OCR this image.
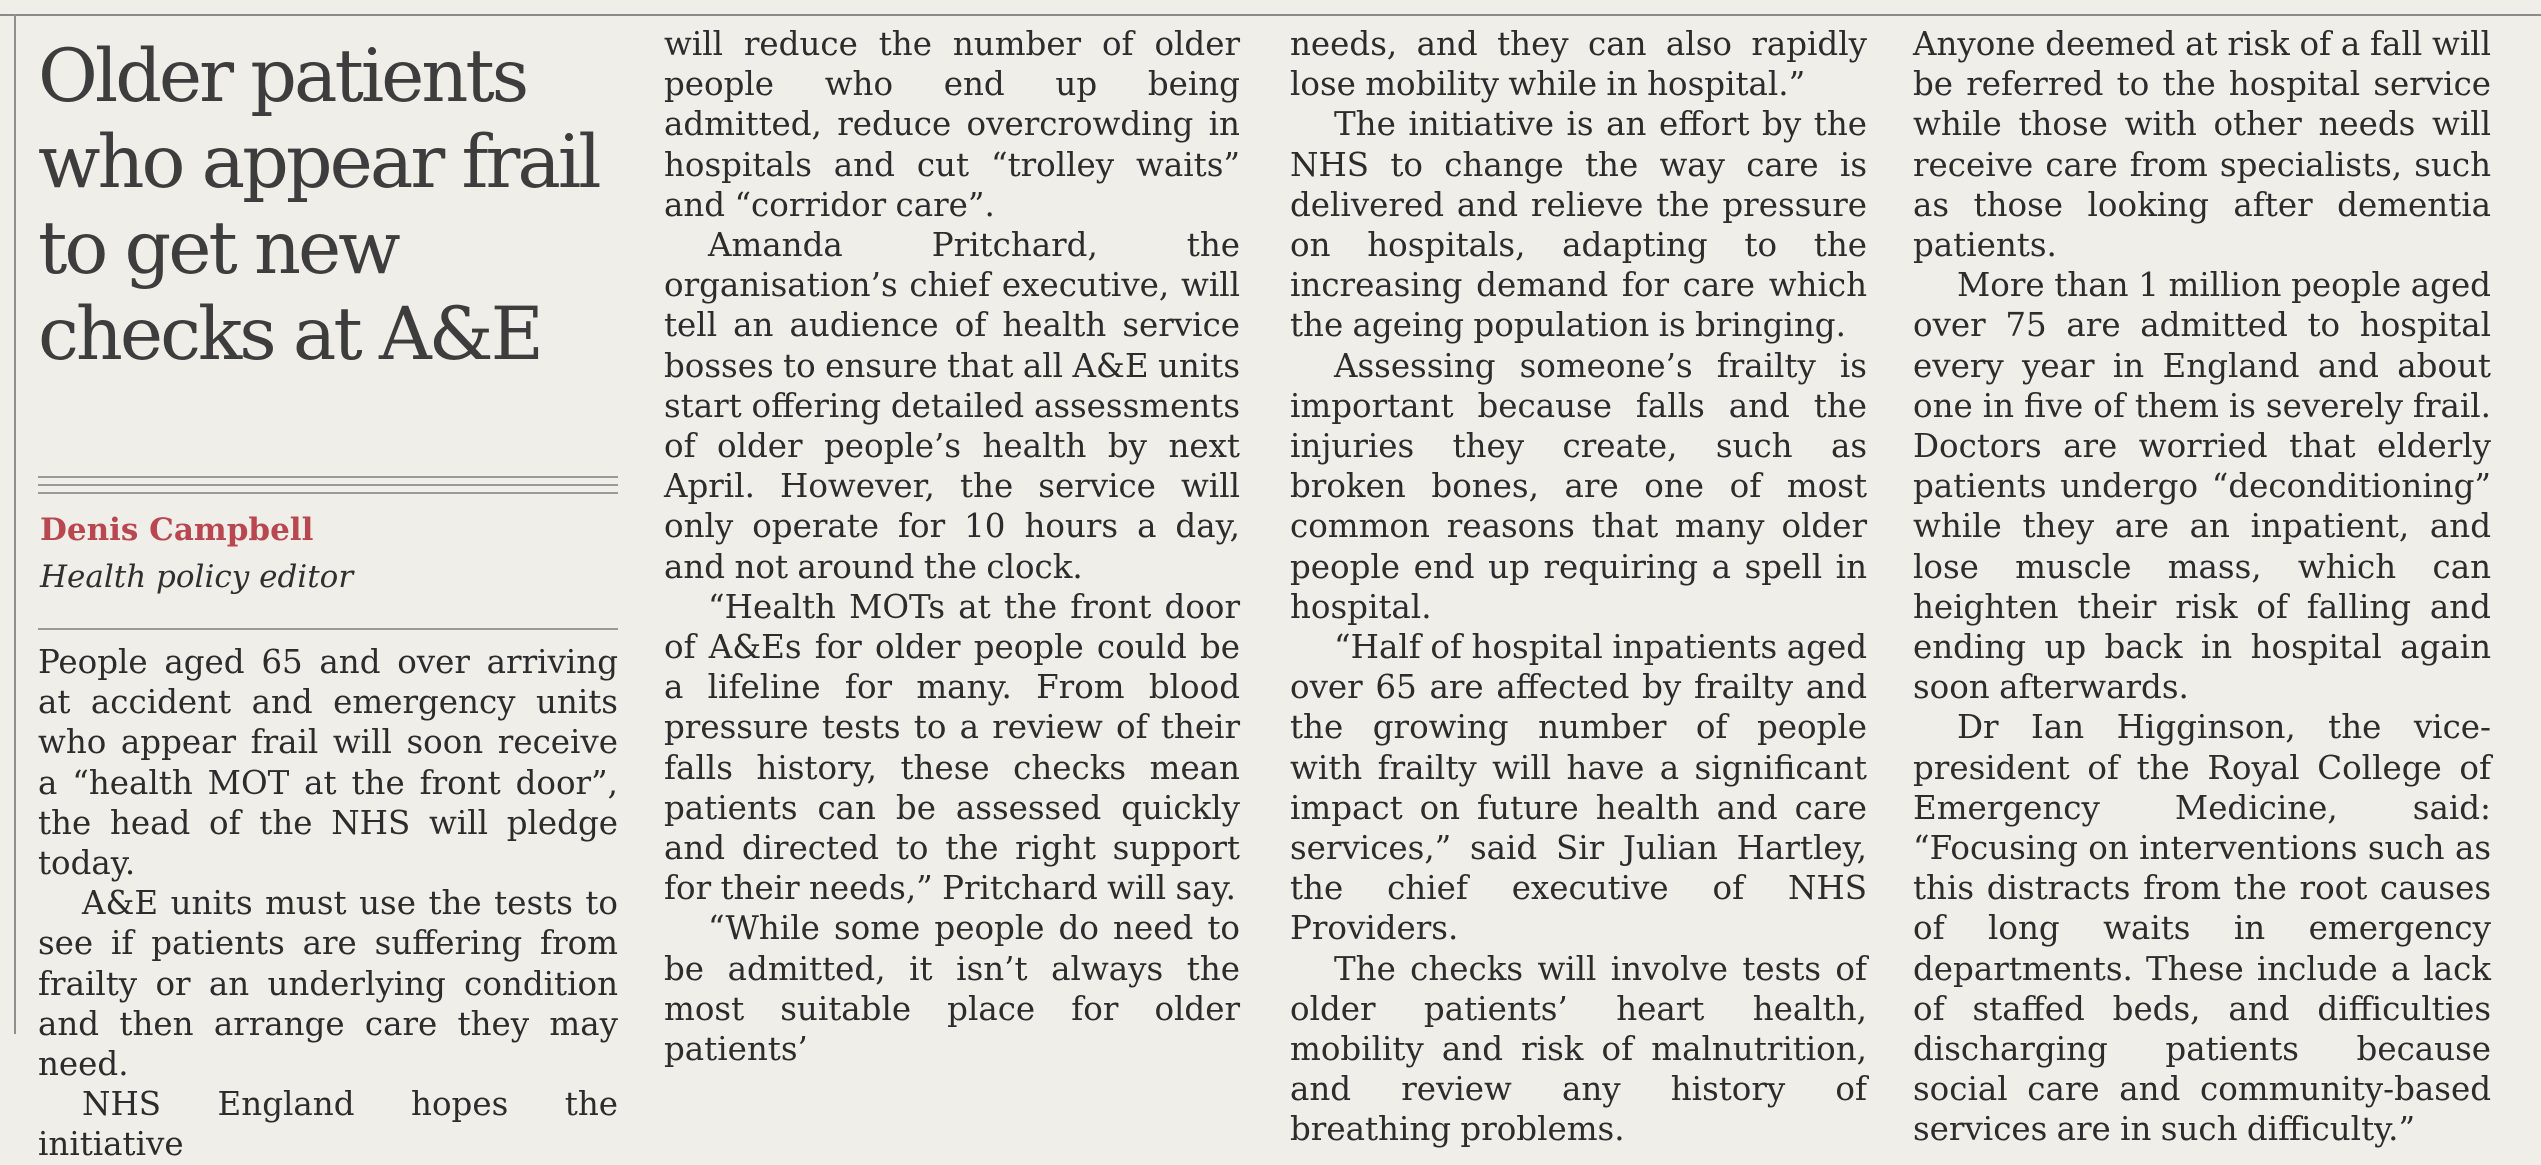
Older patients who appear frail to get new checks at A&E
Denis Campbell
Health policy editor

People aged 65 and over arriving at accident and emergency units who appear frail will soon receive a “health MOT at the front door”, the head of the NHS will pledge today.

A&E units must use the tests to see if patients are suffering from frailty or an underlying condition and then arrange care they may need.

NHS England hopes the initiative

will reduce the number of older people who end up being admitted, reduce overcrowding in hospitals and cut “trolley waits” and “corridor care”.

Amanda Pritchard, the organisation’s chief executive, will tell an audience of health service bosses to ensure that all A&E units start offering detailed assessments of older people’s health by next April. However, the service will only operate for 10 hours a day, and not around the clock.

“Health MOTs at the front door of A&Es for older people could be a lifeline for many. From blood pressure tests to a review of their falls history, these checks mean patients can be assessed quickly and directed to the right support for their needs,” Pritchard will say.

“While some people do need to be admitted, it isn’t always the most suitable place for older patients’

needs, and they can also rapidly lose mobility while in hospital.”

The initiative is an effort by the NHS to change the way care is delivered and relieve the pressure on hospitals, adapting to the increasing demand for care which the ageing population is bringing.

Assessing someone’s frailty is important because falls and the injuries they create, such as broken bones, are one of most common reasons that many older people end up requiring a spell in hospital.

“Half of hospital inpatients aged over 65 are affected by frailty and the growing number of people with frailty will have a significant impact on future health and care services,” said Sir Julian Hartley, the chief executive of NHS Providers.

The checks will involve tests of older patients’ heart health, mobility and risk of malnutrition, and review any history of breathing problems.

Anyone deemed at risk of a fall will be referred to the hospital service while those with other needs will receive care from specialists, such as those looking after dementia patients.

More than 1 million people aged over 75 are admitted to hospital every year in England and about one in five of them is severely frail. Doctors are worried that elderly patients undergo “deconditioning” while they are an inpatient, and lose muscle mass, which can heighten their risk of falling and ending up back in hospital again soon afterwards.

Dr Ian Higginson, the vice-president of the Royal College of Emergency Medicine, said: “Focusing on interventions such as this distracts from the root causes of long waits in emergency departments. These include a lack of staffed beds, and difficulties discharging patients because social care and community-based services are in such difficulty.”
